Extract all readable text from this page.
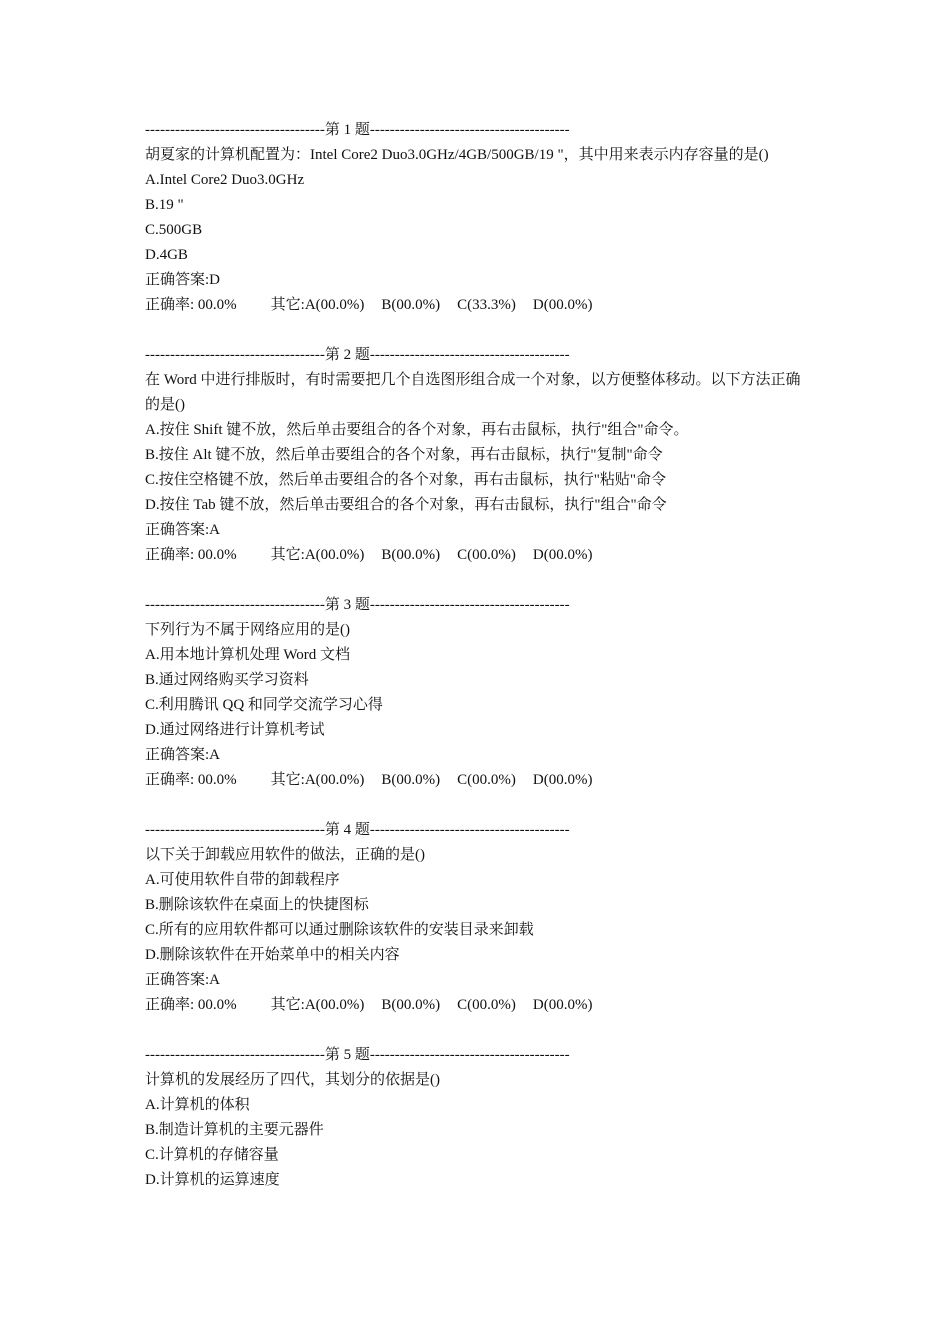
------------------------------------第 1 题----------------------------------------
胡夏家的计算机配置为：Intel Core2 Duo3.0GHz/4GB/500GB/19 "，其中用来表示内存容量的是()
A.Intel Core2 Duo3.0GHz
B.19 "
C.500GB
D.4GB
正确答案:D
正确率: 00.0% 其它:A(00.0%) B(00.0%) C(33.3%) D(00.0%)
------------------------------------第 2 题----------------------------------------
在 Word 中进行排版时，有时需要把几个自选图形组合成一个对象，以方便整体移动。以下方法正确的是()
A.按住 Shift 键不放，然后单击要组合的各个对象，再右击鼠标，执行"组合"命令。
B.按住 Alt 键不放，然后单击要组合的各个对象，再右击鼠标，执行"复制"命令
C.按住空格键不放，然后单击要组合的各个对象，再右击鼠标，执行"粘贴"命令
D.按住 Tab 键不放，然后单击要组合的各个对象，再右击鼠标，执行"组合"命令
正确答案:A
正确率: 00.0% 其它:A(00.0%) B(00.0%) C(00.0%) D(00.0%)
------------------------------------第 3 题----------------------------------------
下列行为不属于网络应用的是()
A.用本地计算机处理 Word 文档
B.通过网络购买学习资料
C.利用腾讯 QQ 和同学交流学习心得
D.通过网络进行计算机考试
正确答案:A
正确率: 00.0% 其它:A(00.0%) B(00.0%) C(00.0%) D(00.0%)
------------------------------------第 4 题----------------------------------------
以下关于卸载应用软件的做法，正确的是()
A.可使用软件自带的卸载程序
B.删除该软件在桌面上的快捷图标
C.所有的应用软件都可以通过删除该软件的安装目录来卸载
D.删除该软件在开始菜单中的相关内容
正确答案:A
正确率: 00.0% 其它:A(00.0%) B(00.0%) C(00.0%) D(00.0%)
------------------------------------第 5 题----------------------------------------
计算机的发展经历了四代，其划分的依据是()
A.计算机的体积
B.制造计算机的主要元器件
C.计算机的存储容量
D.计算机的运算速度
